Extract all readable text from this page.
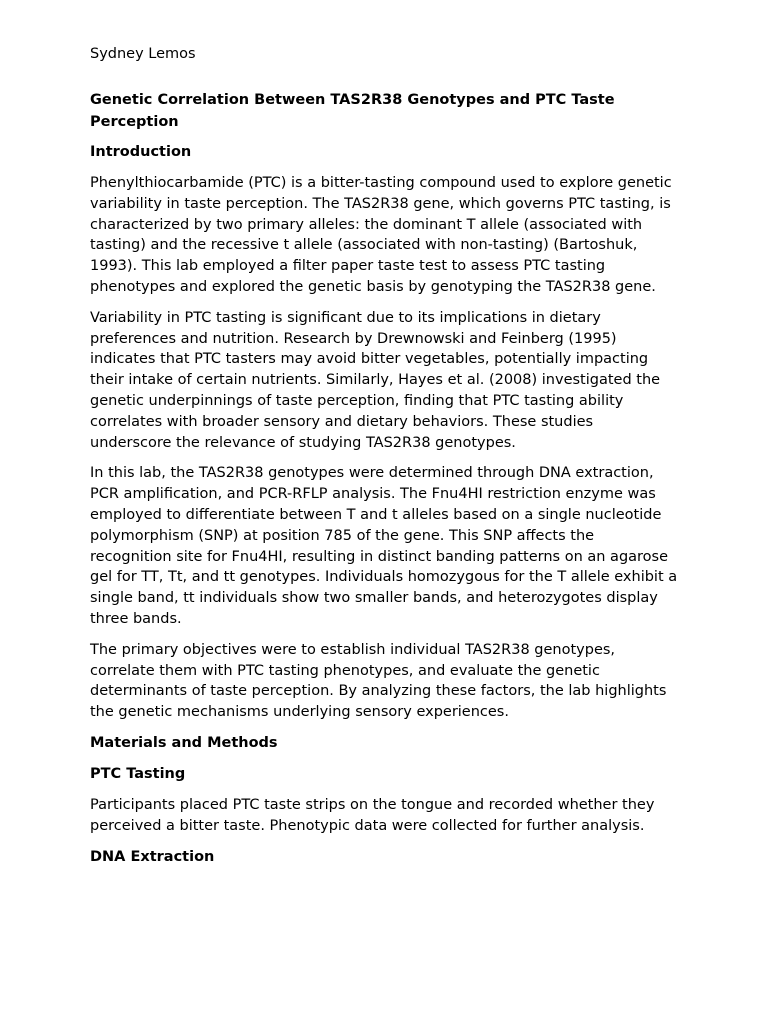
Sydney Lemos
Genetic Correlation Between TAS2R38 Genotypes and PTC Taste Perception
Introduction

Phenylthiocarbamide (PTC) is a bitter-tasting compound used to explore genetic variability in taste perception. The TAS2R38 gene, which governs PTC tasting, is characterized by two primary alleles: the dominant T allele (associated with tasting) and the recessive t allele (associated with non-tasting) (Bartoshuk, 1993). This lab employed a filter paper taste test to assess PTC tasting phenotypes and explored the genetic basis by genotyping the TAS2R38 gene.

Variability in PTC tasting is significant due to its implications in dietary preferences and nutrition. Research by Drewnowski and Feinberg (1995) indicates that PTC tasters may avoid bitter vegetables, potentially impacting their intake of certain nutrients. Similarly, Hayes et al. (2008) investigated the genetic underpinnings of taste perception, finding that PTC tasting ability correlates with broader sensory and dietary behaviors. These studies underscore the relevance of studying TAS2R38 genotypes.

In this lab, the TAS2R38 genotypes were determined through DNA extraction, PCR amplification, and PCR-RFLP analysis. The Fnu4HI restriction enzyme was employed to differentiate between T and t alleles based on a single nucleotide polymorphism (SNP) at position 785 of the gene. This SNP affects the recognition site for Fnu4HI, resulting in distinct banding patterns on an agarose gel for TT, Tt, and tt genotypes. Individuals homozygous for the T allele exhibit a single band, tt individuals show two smaller bands, and heterozygotes display three bands.

The primary objectives were to establish individual TAS2R38 genotypes, correlate them with PTC tasting phenotypes, and evaluate the genetic determinants of taste perception. By analyzing these factors, the lab highlights the genetic mechanisms underlying sensory experiences.

Materials and Methods
PTC Tasting

Participants placed PTC taste strips on the tongue and recorded whether they perceived a bitter taste. Phenotypic data were collected for further analysis.

DNA Extraction
